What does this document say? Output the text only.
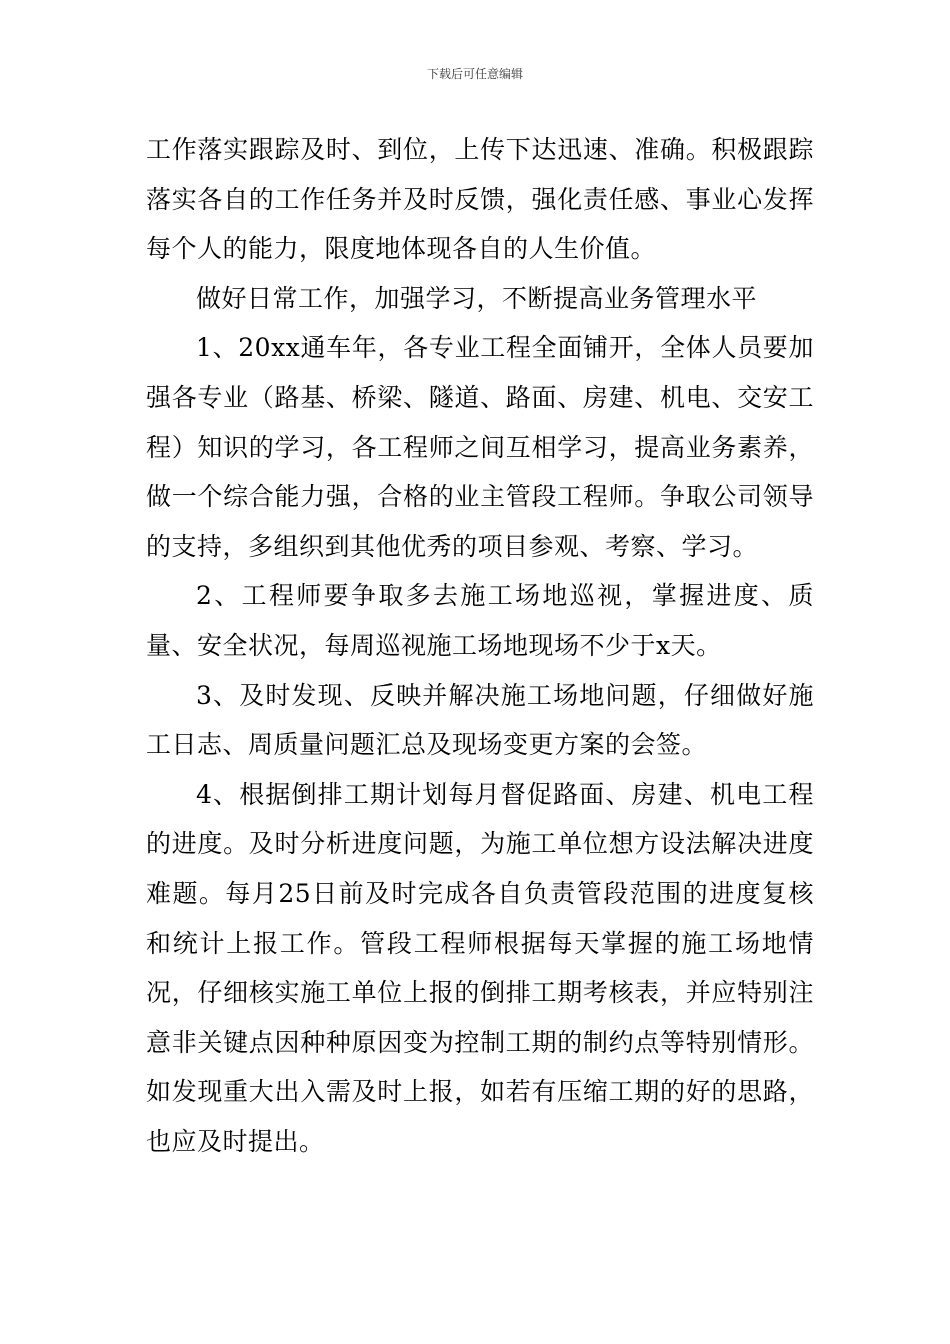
下载后可任意编辑

工作落实跟踪及时、到位，上传下达迅速、准确。积极跟踪落实各自的工作任务并及时反馈，强化责任感、事业心发挥每个人的能力，限度地体现各自的人生价值。

做好日常工作，加强学习，不断提高业务管理水平

1、20xx通车年，各专业工程全面铺开，全体人员要加强各专业（路基、桥梁、隧道、路面、房建、机电、交安工程）知识的学习，各工程师之间互相学习，提高业务素养，做一个综合能力强，合格的业主管段工程师。争取公司领导的支持，多组织到其他优秀的项目参观、考察、学习。

2、工程师要争取多去施工场地巡视，掌握进度、质量、安全状况，每周巡视施工场地现场不少于x天。

3、及时发现、反映并解决施工场地问题，仔细做好施工日志、周质量问题汇总及现场变更方案的会签。

4、根据倒排工期计划每月督促路面、房建、机电工程的进度。及时分析进度问题，为施工单位想方设法解决进度难题。每月25日前及时完成各自负责管段范围的进度复核和统计上报工作。管段工程师根据每天掌握的施工场地情况，仔细核实施工单位上报的倒排工期考核表，并应特别注意非关键点因种种原因变为控制工期的制约点等特别情形。如发现重大出入需及时上报，如若有压缩工期的好的思路，也应及时提出。
